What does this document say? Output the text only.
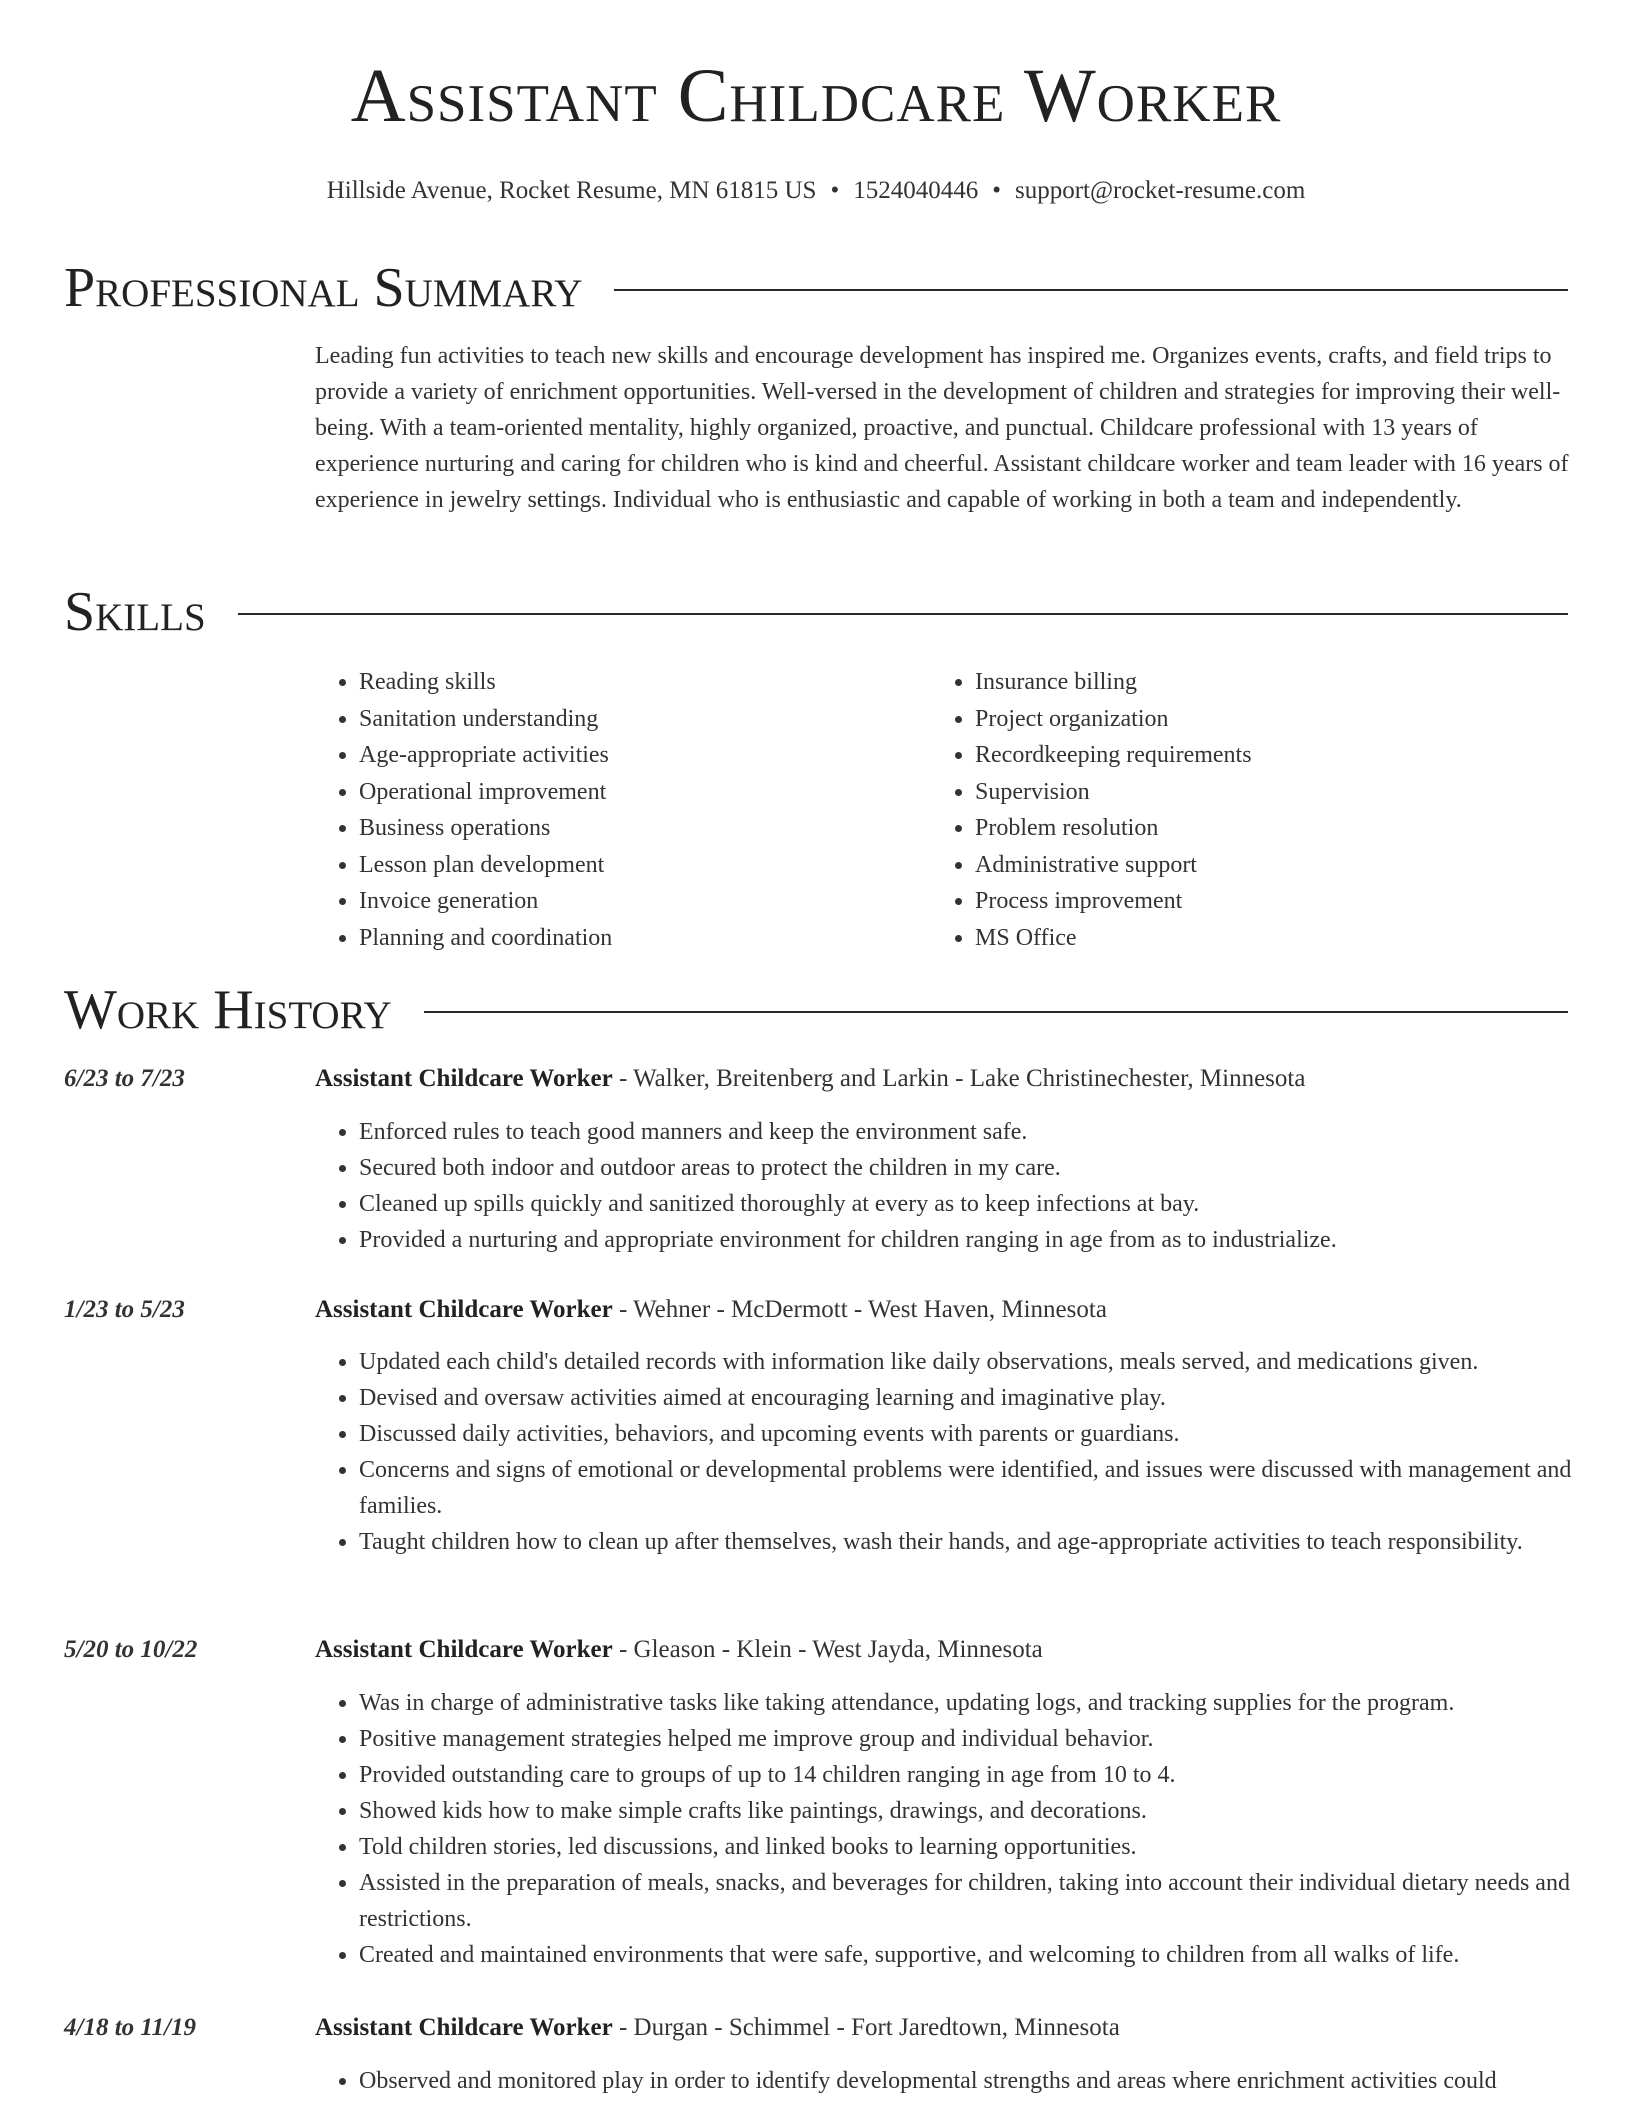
Assistant Childcare Worker
Hillside Avenue, Rocket Resume, MN 61815 US • 1524040446 • support@rocket-resume.com
Professional Summary

Leading fun activities to teach new skills and encourage development has inspired me. Organizes events, crafts, and field trips to provide a variety of enrichment opportunities. Well-versed in the development of children and strategies for improving their well-being. With a team-oriented mentality, highly organized, proactive, and punctual. Childcare professional with 13 years of experience nurturing and caring for children who is kind and cheerful. Assistant childcare worker and team leader with 16 years of experience in jewelry settings. Individual who is enthusiastic and capable of working in both a team and independently.

Skills
• Reading skills
• Sanitation understanding
• Age-appropriate activities
• Operational improvement
• Business operations
• Lesson plan development
• Invoice generation
• Planning and coordination
• Insurance billing
• Project organization
• Recordkeeping requirements
• Supervision
• Problem resolution
• Administrative support
• Process improvement
• MS Office
Work History
6/23 to 7/23	Assistant Childcare Worker - Walker, Breitenberg and Larkin - Lake Christinechester, Minnesota
• Enforced rules to teach good manners and keep the environment safe.
• Secured both indoor and outdoor areas to protect the children in my care.
• Cleaned up spills quickly and sanitized thoroughly at every as to keep infections at bay.
• Provided a nurturing and appropriate environment for children ranging in age from as to industrialize.
1/23 to 5/23	Assistant Childcare Worker - Wehner - McDermott - West Haven, Minnesota
• Updated each child's detailed records with information like daily observations, meals served, and medications given.
• Devised and oversaw activities aimed at encouraging learning and imaginative play.
• Discussed daily activities, behaviors, and upcoming events with parents or guardians.
• Concerns and signs of emotional or developmental problems were identified, and issues were discussed with management and families.
• Taught children how to clean up after themselves, wash their hands, and age-appropriate activities to teach responsibility.
5/20 to 10/22	Assistant Childcare Worker - Gleason - Klein - West Jayda, Minnesota
• Was in charge of administrative tasks like taking attendance, updating logs, and tracking supplies for the program.
• Positive management strategies helped me improve group and individual behavior.
• Provided outstanding care to groups of up to 14 children ranging in age from 10 to 4.
• Showed kids how to make simple crafts like paintings, drawings, and decorations.
• Told children stories, led discussions, and linked books to learning opportunities.
• Assisted in the preparation of meals, snacks, and beverages for children, taking into account their individual dietary needs and restrictions.
• Created and maintained environments that were safe, supportive, and welcoming to children from all walks of life.
4/18 to 11/19	Assistant Childcare Worker - Durgan - Schimmel - Fort Jaredtown, Minnesota
• Observed and monitored play in order to identify developmental strengths and areas where enrichment activities could
